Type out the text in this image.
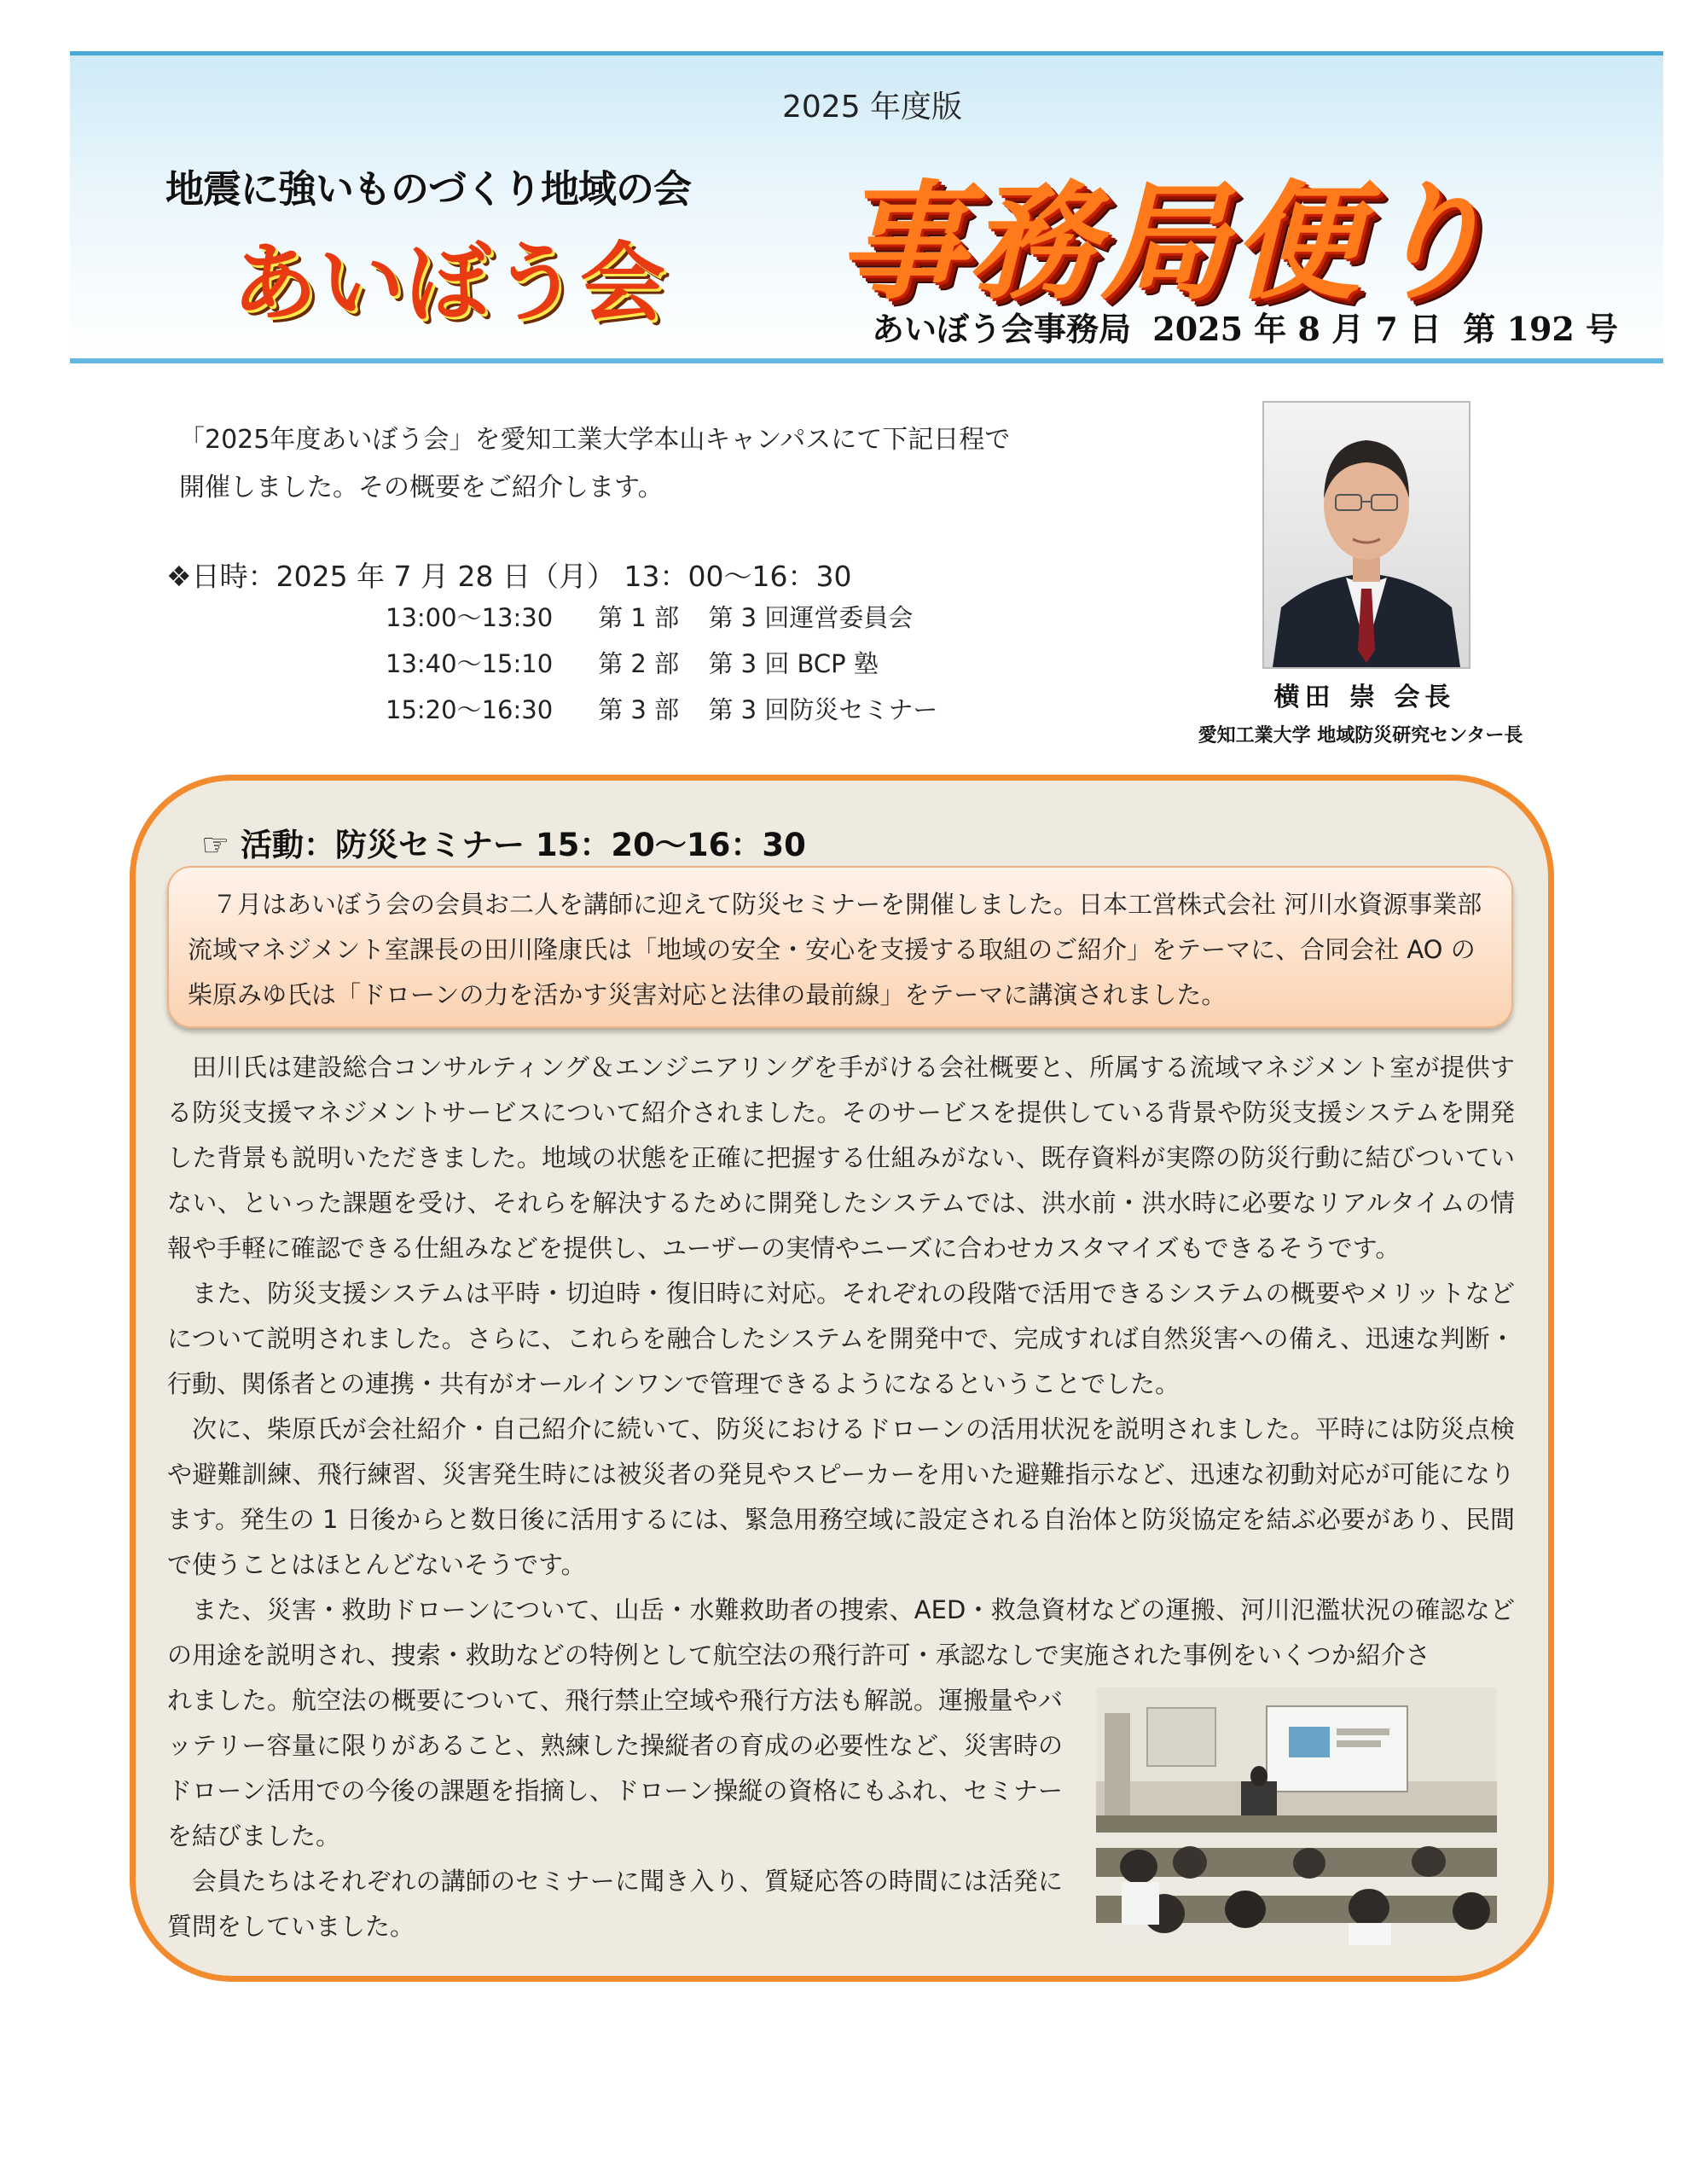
2025 年度版
地震に強いものづくり地域の会
あいぼう会 事務局便り
あいぼう会事務局 2025 年 8 月 7 日 第 192 号
「2025年度あいぼう会」を愛知工業大学本山キャンパスにて下記日程で
開催しました。その概要をご紹介します。
❖日時：2025 年 7 月 28 日（月） 13：00～16：30
13:00～13:30 第 1 部 第 3 回運営委員会
13:40～15:10 第 2 部 第 3 回 BCP 塾
15:20～16:30 第 3 部 第 3 回防災セミナー	横田 崇 会長
愛知工業大学 地域防災研究センター長
☞ 活動：防災セミナー 15：20～16：30
７月はあいぼう会の会員お二人を講師に迎えて防災セミナーを開催しました。日本工営株式会社 河川水資源事業部 流域マネジメント室課長の田川隆康氏は「地域の安全・安心を支援する取組のご紹介」をテーマに、合同会社 AO の柴原みゆ氏は「ドローンの力を活かす災害対応と法律の最前線」をテーマに講演されました。

田川氏は建設総合コンサルティング＆エンジニアリングを手がける会社概要と、所属する流域マネジメント室が提供する防災支援マネジメントサービスについて紹介されました。そのサービスを提供している背景や防災支援システムを開発した背景も説明いただきました。地域の状態を正確に把握する仕組みがない、既存資料が実際の防災行動に結びついていない、といった課題を受け、それらを解決するために開発したシステムでは、洪水前・洪水時に必要なリアルタイムの情報や手軽に確認できる仕組みなどを提供し、ユーザーの実情やニーズに合わせカスタマイズもできるそうです。

また、防災支援システムは平時・切迫時・復旧時に対応。それぞれの段階で活用できるシステムの概要やメリットなどについて説明されました。さらに、これらを融合したシステムを開発中で、完成すれば自然災害への備え、迅速な判断・行動、関係者との連携・共有がオールインワンで管理できるようになるということでした。

次に、柴原氏が会社紹介・自己紹介に続いて、防災におけるドローンの活用状況を説明されました。平時には防災点検や避難訓練、飛行練習、災害発生時には被災者の発見やスピーカーを用いた避難指示など、迅速な初動対応が可能になります。発生の 1 日後からと数日後に活用するには、緊急用務空域に設定される自治体と防災協定を結ぶ必要があり、民間で使うことはほとんどないそうです。

また、災害・救助ドローンについて、山岳・水難救助者の捜索、AED・救急資材などの運搬、河川氾濫状況の確認などの用途を説明され、捜索・救助などの特例として航空法の飛行許可・承認なしで実施された事例をいくつか紹介さ

れました。航空法の概要について、飛行禁止空域や飛行方法も解説。運搬量やバッテリー容量に限りがあること、熟練した操縦者の育成の必要性など、災害時のドローン活用での今後の課題を指摘し、ドローン操縦の資格にもふれ、セミナーを結びました。

会員たちはそれぞれの講師のセミナーに聞き入り、質疑応答の時間には活発に質問をしていました。
